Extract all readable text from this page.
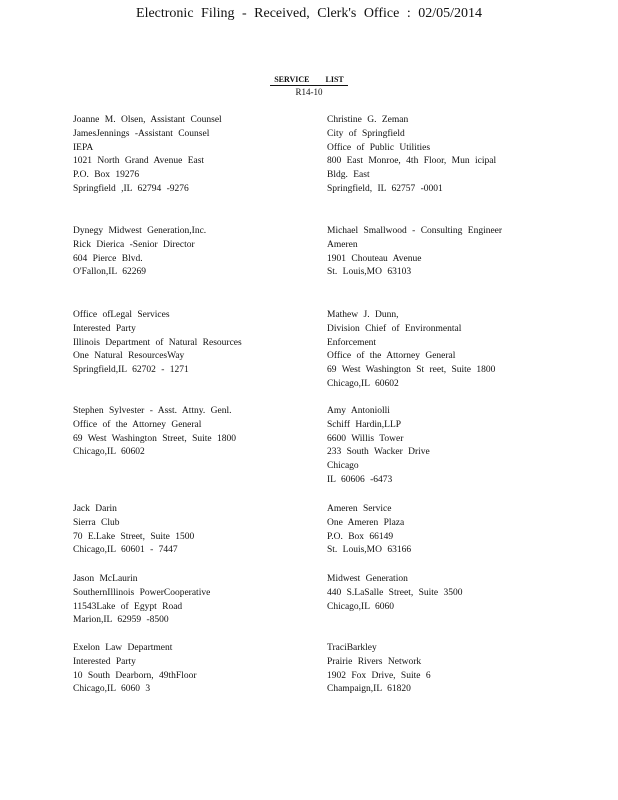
Electronic Filing - Received, Clerk's Office : 02/05/2014
SERVICE LIST
R14-10
Joanne M. Olsen, Assistant Counsel
JamesJennings -Assistant Counsel
IEPA
1021 North Grand Avenue East
P.O. Box 19276
Springfield ,IL 62794 -9276
Christine G. Zeman
City of Springfield
Office of Public Utilities
800 East Monroe, 4th Floor, Mun icipal
Bldg. East
Springfield, IL 62757 -0001
Dynegy Midwest Generation,Inc.
Rick Dierica -Senior Director
604 Pierce Blvd.
O'Fallon,IL 62269
Michael Smallwood - Consulting Engineer
Ameren
1901 Chouteau Avenue
St. Louis,MO 63103
Office ofLegal Services
Interested Party
Illinois Department of Natural Resources
One Natural ResourcesWay
Springfield,IL 62702 - 1271
Mathew J. Dunn,
Division Chief of Environmental
Enforcement
Office of the Attorney General
69 West Washington St reet, Suite 1800
Chicago,IL 60602
Stephen Sylvester - Asst. Attny. Genl.
Office of the Attorney General
69 West Washington Street, Suite 1800
Chicago,IL 60602
Amy Antoniolli
Schiff Hardin,LLP
6600 Willis Tower
233 South Wacker Drive
Chicago
IL 60606 -6473
Jack Darin
Sierra Club
70 E.Lake Street, Suite 1500
Chicago,IL 60601 - 7447
Ameren Service
One Ameren Plaza
P.O. Box 66149
St. Louis,MO 63166
Jason McLaurin
SouthernIllinois PowerCooperative
11543Lake of Egypt Road
Marion,IL 62959 -8500
Midwest Generation
440 S.LaSalle Street, Suite 3500
Chicago,IL 6060
Exelon Law Department
Interested Party
10 South Dearborn, 49thFloor
Chicago,IL 6060 3
TraciBarkley
Prairie Rivers Network
1902 Fox Drive, Suite 6
Champaign,IL 61820
